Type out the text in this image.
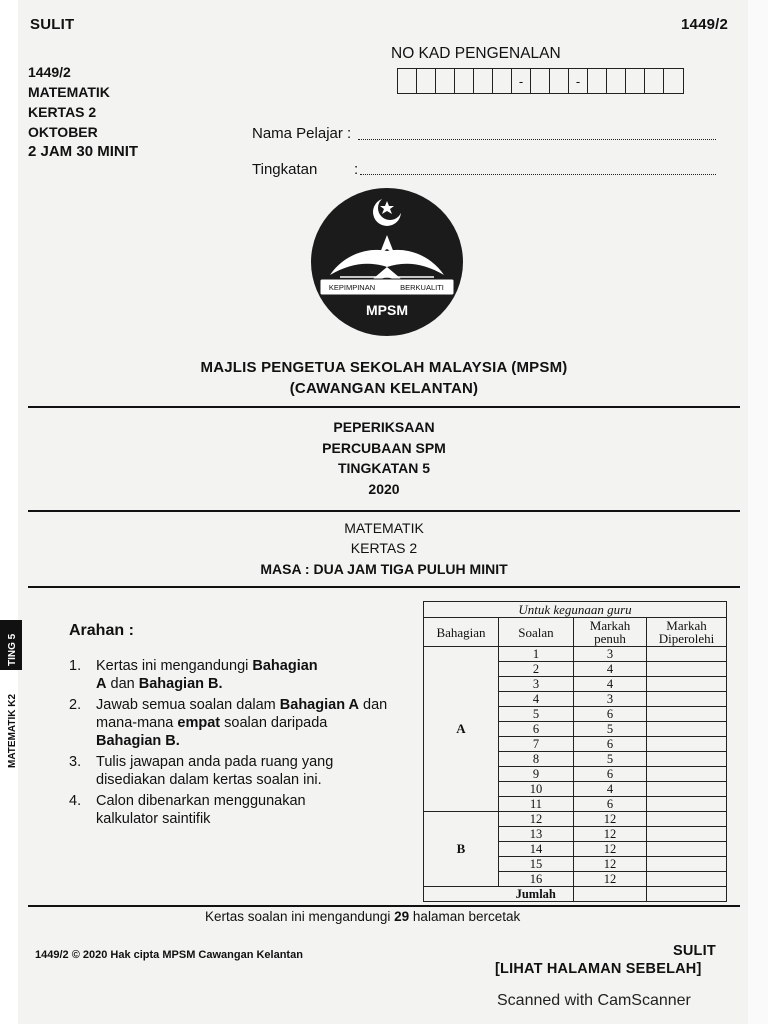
SULIT	1449/2
1449/2
MATEMATIK
KERTAS 2
OKTOBER
2 JAM 30 MINIT
NO KAD PENGENALAN
-	-
Nama Pelajar :
Tingkatan :
KEPIMPINAN	BERKUALITI
MPSM
MAJLIS PENGETUA SEKOLAH MALAYSIA (MPSM)
(CAWANGAN KELANTAN)
PEPERIKSAAN
PERCUBAAN SPM
TINGKATAN 5
2020
MATEMATIK
KERTAS 2
MASA : DUA JAM TIGA PULUH MINIT
TING 5
MATEMATIK K2
Arahan :
1.	Kertas ini mengandungi Bahagian
A dan Bahagian B.
2.	Jawab semua soalan dalam Bahagian A dan mana-mana empat soalan daripada Bahagian B.
3.	Tulis jawapan anda pada ruang yang disediakan dalam kertas soalan ini.
4.	Calon dibenarkan menggunakan kalkulator saintifik
Untuk kegunaan guru			
Bahagian	Soalan	Markah penuh	Markah Diperolehi
A	1	3	
	2	4	
	3	4	
	4	3	
	5	6	
	6	5	
	7	6	
	8	5	
	9	6	
	10	4	
	11	6	
B	12	12	
	13	12	
	14	12	
	15	12	
	16	12	
	Jumlah		
Kertas soalan ini mengandungi 29 halaman bercetak
1449/2 © 2020 Hak cipta MPSM Cawangan Kelantan	SULIT
[LIHAT HALAMAN SEBELAH]
Scanned with CamScanner
